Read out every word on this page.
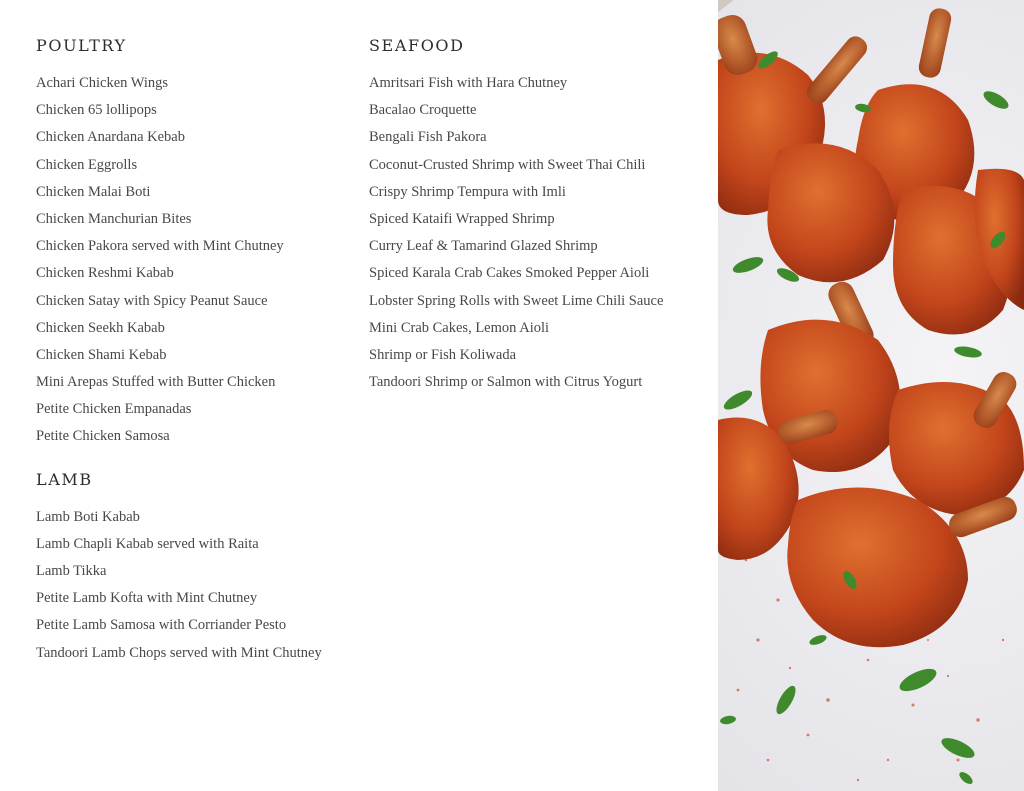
POULTRY
Achari Chicken Wings
Chicken 65 lollipops
Chicken Anardana Kebab
Chicken Eggrolls
Chicken Malai Boti
Chicken Manchurian Bites
Chicken Pakora served with Mint Chutney
Chicken Reshmi Kabab
Chicken Satay with Spicy Peanut Sauce
Chicken Seekh Kabab
Chicken Shami Kebab
Mini Arepas Stuffed with Butter Chicken
Petite Chicken Empanadas
Petite Chicken Samosa
LAMB
Lamb Boti Kabab
Lamb Chapli Kabab served with Raita
Lamb Tikka
Petite Lamb Kofta with Mint Chutney
Petite Lamb Samosa with Corriander Pesto
Tandoori Lamb Chops served with Mint Chutney
SEAFOOD
Amritsari Fish with Hara Chutney
Bacalao Croquette
Bengali Fish Pakora
Coconut-Crusted Shrimp with Sweet Thai Chili
Crispy Shrimp Tempura with Imli
Spiced Kataifi Wrapped Shrimp
Curry Leaf & Tamarind Glazed Shrimp
Spiced Karala Crab Cakes Smoked Pepper Aioli
Lobster Spring Rolls with Sweet Lime Chili Sauce
Mini Crab Cakes, Lemon Aioli
Shrimp or Fish Koliwada
Tandoori Shrimp or Salmon with Citrus Yogurt
